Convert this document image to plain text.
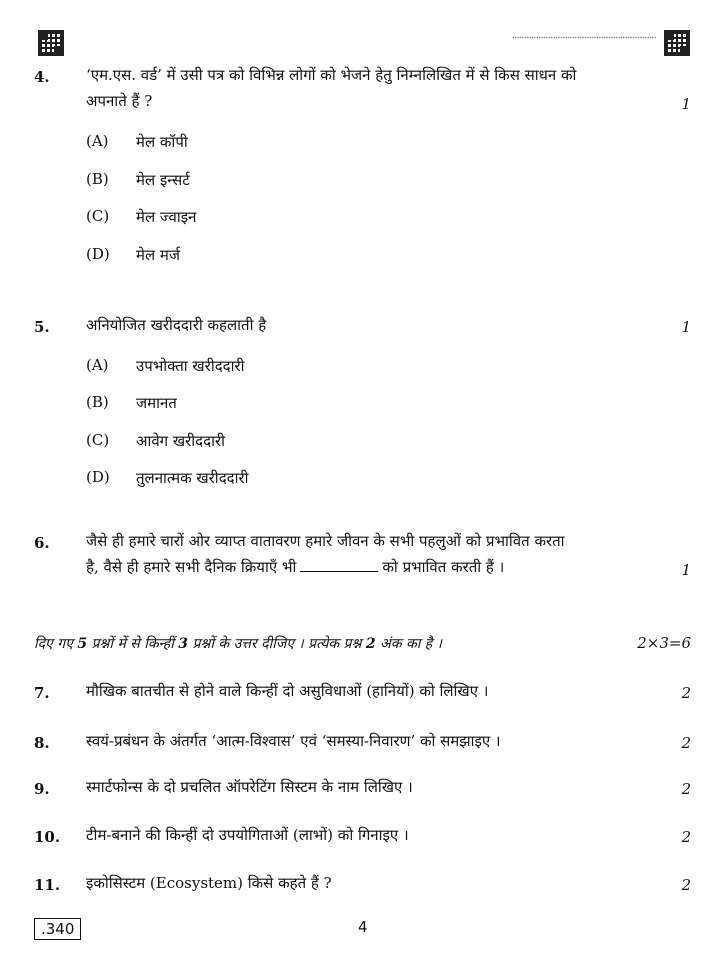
************************************************************
4. ‘एम.एस. वर्ड’ में उसी पत्र को विभिन्न लोगों को भेजने हेतु निम्नलिखित में से किस साधन को
अपनाते हैं ?	1
(A) मेल कॉपी
(B) मेल इन्सर्ट
(C) मेल ज्वाइन
(D) मेल मर्ज
5. अनियोजित खरीददारी कहलाती है	1
(A) उपभोक्ता खरीददारी
(B) जमानत
(C) आवेग खरीददारी
(D) तुलनात्मक खरीददारी
6. जैसे ही हमारे चारों ओर व्याप्त वातावरण हमारे जीवन के सभी पहलुओं को प्रभावित करता
है, वैसे ही हमारे सभी दैनिक क्रियाएँ भी	को प्रभावित करती हैं ।	1
दिए गए 5 प्रश्नों में से किन्हीं 3 प्रश्नों के उत्तर दीजिए । प्रत्येक प्रश्न 2 अंक का है ।	2×3=6
7. मौखिक बातचीत से होने वाले किन्हीं दो असुविधाओं (हानियों) को लिखिए ।	2
8. स्वयं-प्रबंधन के अंतर्गत ‘आत्म-विश्वास’ एवं ‘समस्या-निवारण’ को समझाइए ।	2
9. स्मार्टफोन्स के दो प्रचलित ऑपरेटिंग सिस्टम के नाम लिखिए ।	2
10. टीम-बनाने की किन्हीं दो उपयोगिताओं (लाभों) को गिनाइए ।	2
11. इकोसिस्टम (Ecosystem) किसे कहते हैं ?	2
.340	4
